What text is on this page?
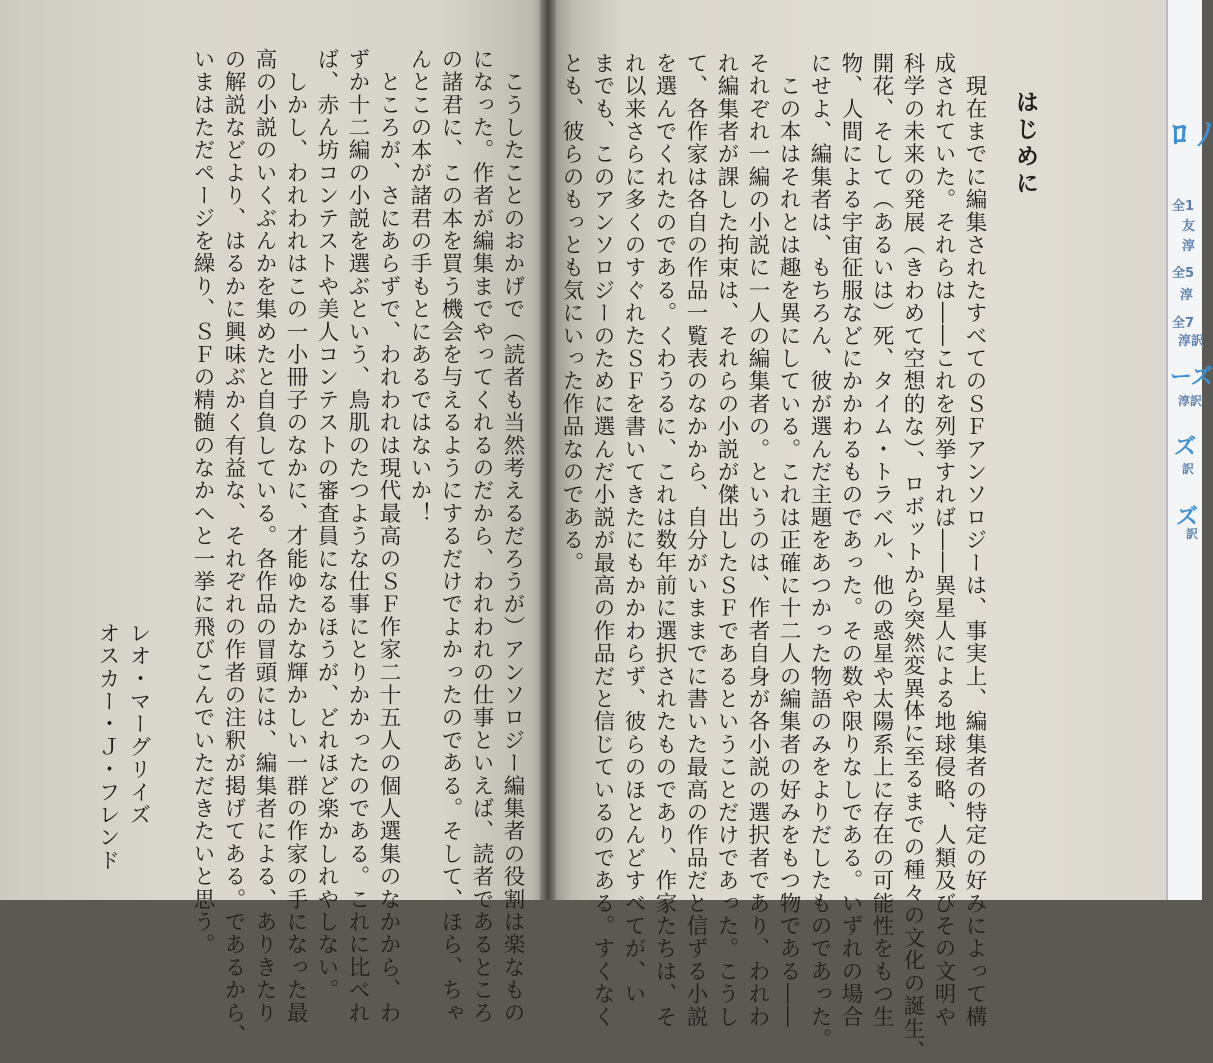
はじめに
　現在までに編集されたすべてのＳＦアンソロジーは、事実上、編集者の特定の好みによって構
成されていた。それらは――これを列挙すれば――異星人による地球侵略、人類及びその文明や
科学の未来の発展（きわめて空想的な）、ロボットから突然変異体に至るまでの種々の文化の誕生、
開花、そして（あるいは）死、タイム・トラベル、他の惑星や太陽系上に存在の可能性をもつ生
物、人間による宇宙征服などにかかわるものであった。その数や限りなしである。いずれの場合
にせよ、編集者は、もちろん、彼が選んだ主題をあつかった物語のみをよりだしたものであった。
　この本はそれとは趣を異にしている。これは正確に十二人の編集者の好みをもつ物である――
それぞれ一編の小説に一人の編集者の。というのは、作者自身が各小説の選択者であり、われわ
れ編集者が課した拘束は、それらの小説が傑出したＳＦであるということだけであった。こうし
て、各作家は各自の作品一覧表のなかから、自分がいままでに書いた最高の作品だと信ずる小説
を選んでくれたのである。くわうるに、これは数年前に選択されたものであり、作家たちは、そ
れ以来さらに多くのすぐれたＳＦを書いてきたにもかかわらず、彼らのほとんどすべてが、い
までも、このアンソロジーのために選んだ小説が最高の作品だと信じているのである。すくなく
とも、彼らのもっとも気にいった作品なのである。
　こうしたことのおかげで（読者も当然考えるだろうが）アンソロジー編集者の役割は楽なもの
になった。作者が編集までやってくれるのだから、われわれの仕事といえば、読者であるところ
の諸君に、この本を買う機会を与えるようにするだけでよかったのである。そして、ほら、ちゃ
んとこの本が諸君の手もとにあるではないか！
　ところが、さにあらずで、われわれは現代最高のＳＦ作家二十五人の個人選集のなかから、わ
ずか十二編の小説を選ぶという、鳥肌のたつような仕事にとりかかったのである。これに比べれ
ば、赤ん坊コンテストや美人コンテストの審査員になるほうが、どれほど楽かしれやしない。
　しかし、われわれはこの一小冊子のなかに、才能ゆたかな輝かしい一群の作家の手になった最
高の小説のいくぶんかを集めたと自負している。各作品の冒頭には、編集者による、ありきたり
の解説などより、はるかに興味ぶかく有益な、それぞれの作者の注釈が掲げてある。であるから、
いまはただページを繰り、ＳＦの精髄のなかへと一挙に飛びこんでいただきたいと思う。
レオ・マーグリイズ
オスカー・Ｊ・フレンド
ﾛ ﾉ
全1
友
淳
全5
淳
全7
淳訳
ーズ
淳訳
ズ
訳
ズ
訳
